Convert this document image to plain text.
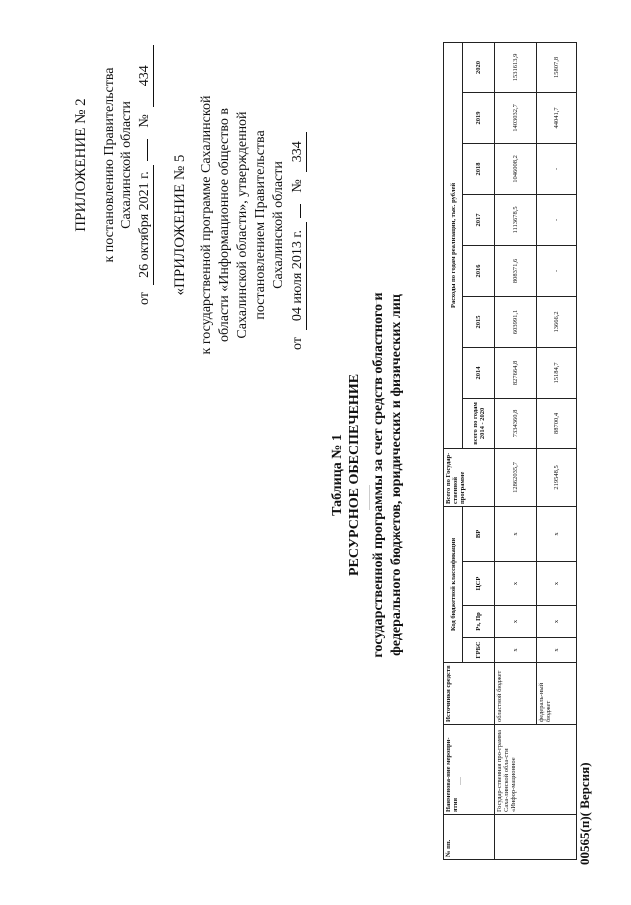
ПРИЛОЖЕНИЕ № 2 к постановлению Правительства Сахалинской области
от 26 октября 2021 г.  № 434
«ПРИЛОЖЕНИЕ № 5 к государственной программе Сахалинской области «Информационное общество в Сахалинской области», утвержденной постановлением Правительства Сахалинской области
от 04 июля 2013 г.  № 334
Таблица № 1 РЕСУРСНОЕ ОБЕСПЕЧЕНИЕ государственной программы за счет средств областного и федерального бюджетов, юридических и физических лиц
№ пп.	Наименова-ние меропри-ятия	Источники средств	Код бюджетной классификации				Всего по Государ-ственной программе	Расходы по годам реализации, тыс. рублей							
			ГРБС	Рз, Пр	ЦСР	ВР		всего по годам 2014 - 2020	2014	2015	2016	2017	2018	2019	2020
	Государ-ственная про-грамма Саха-линской обла-сти «Инфор-мационное	областной бюджет	х	х	х	х	12862035,7	7334360,8	827664,8	603991,1	808371,6	1113678,5	1046008,2	1403032,7	1531613,9
		федераль-ный бюджет	х	х	х	х	219548,5	88700,4	15184,7	13666,2	-	-	-	44041,7	15807,8
00565(п)( Версия)
